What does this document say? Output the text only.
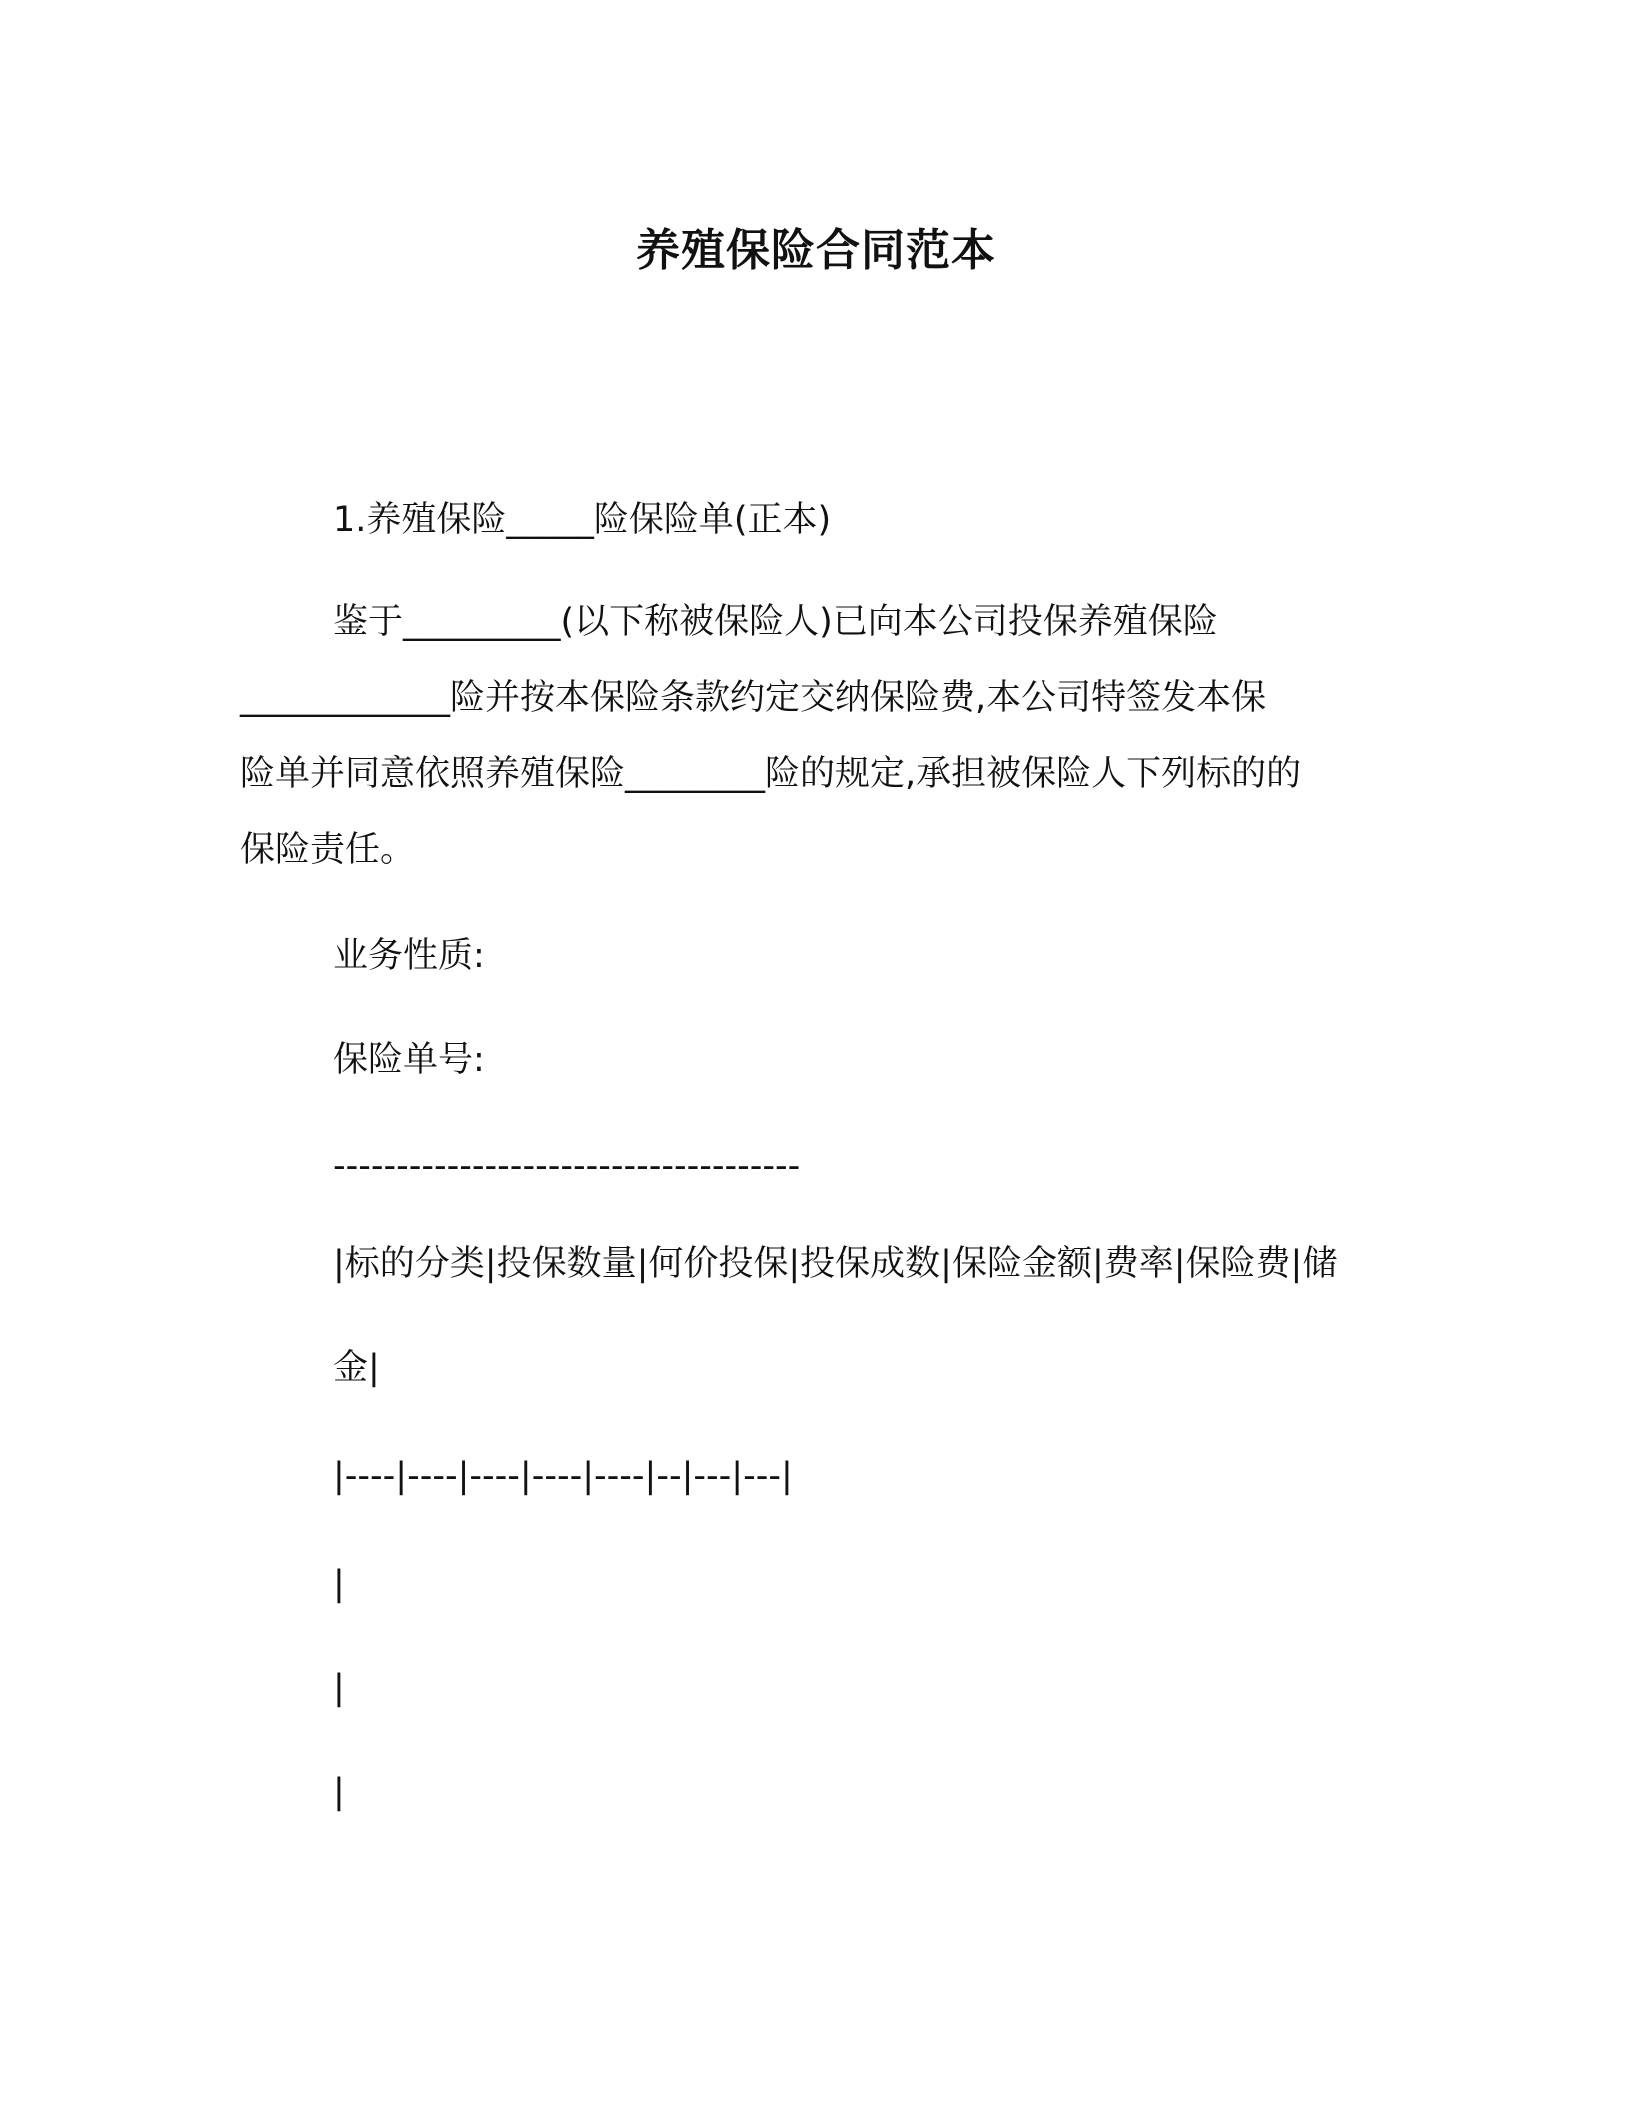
养殖保险合同范本
1.养殖保险_____险保险单(正本)
鉴于_________(以下称被保险人)已向本公司投保养殖保险
____________险并按本保险条款约定交纳保险费,本公司特签发本保
险单并同意依照养殖保险________险的规定,承担被保险人下列标的的
保险责任。
业务性质:
保险单号:
-------------------------------------
|标的分类|投保数量|何价投保|投保成数|保险金额|费率|保险费|储
金|
|----|----|----|----|----|--|---|---|
|
|
|
